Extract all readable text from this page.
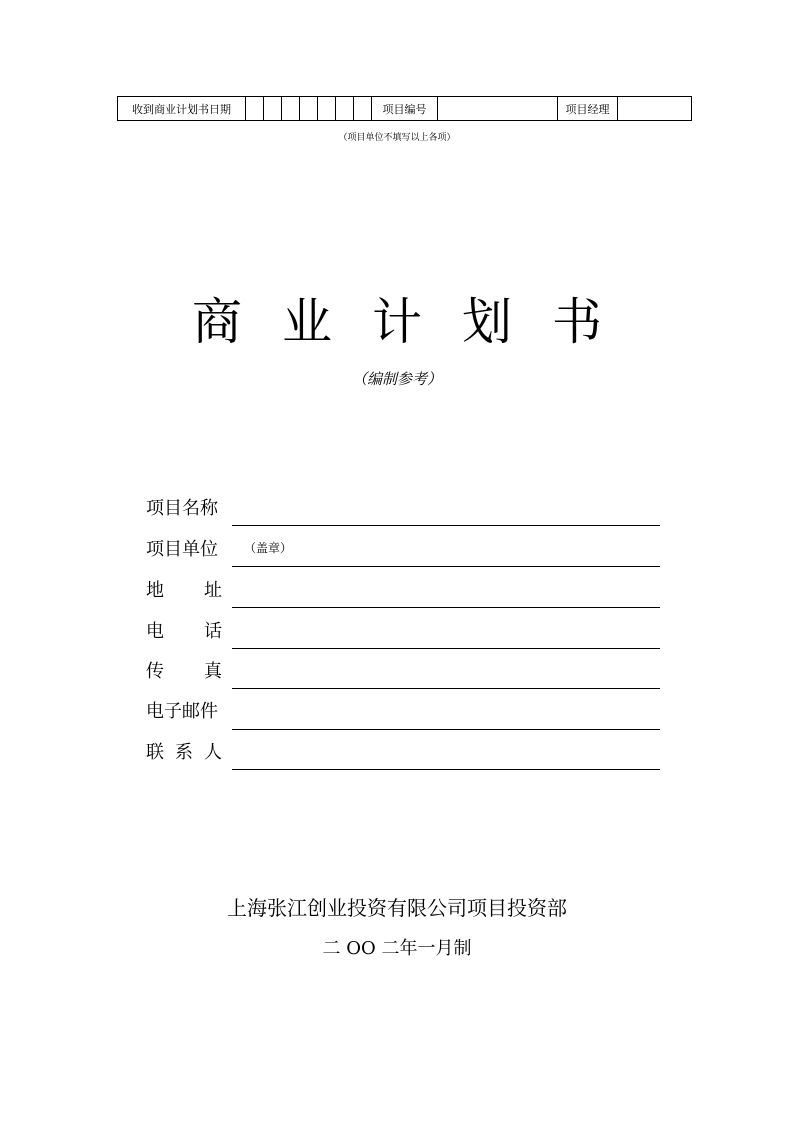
收到商业计划书日期								项目编号		项目经理	
（项目单位不填写以上各项）
商业计划书
（编制参考）
项目名称
项目单位 （盖章）
地 址
电 话
传 真
电子邮件
联 系 人
上海张江创业投资有限公司项目投资部
二 OO 二年一月制
